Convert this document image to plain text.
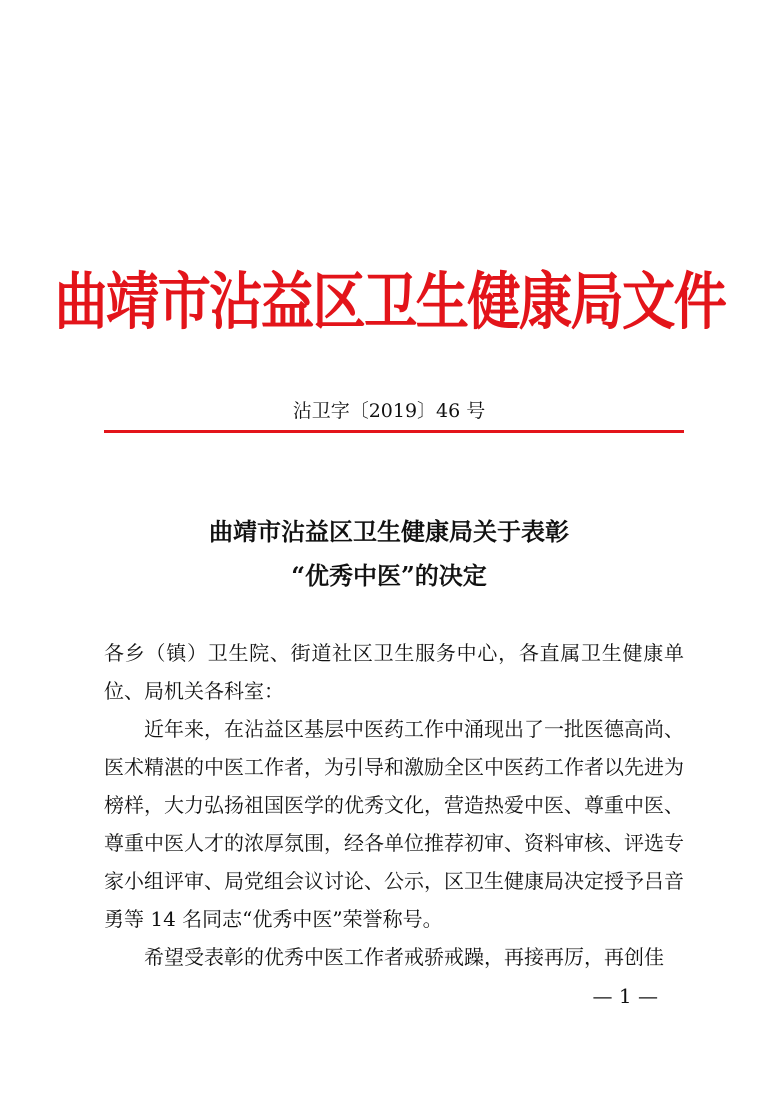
曲靖市沾益区卫生健康局文件
沾卫字〔2019〕46 号
曲靖市沾益区卫生健康局关于表彰
“优秀中医”的决定

各乡（镇）卫生院、街道社区卫生服务中心，各直属卫生健康单位、局机关各科室：

近年来，在沾益区基层中医药工作中涌现出了一批医德高尚、医术精湛的中医工作者，为引导和激励全区中医药工作者以先进为榜样，大力弘扬祖国医学的优秀文化，营造热爱中医、尊重中医、尊重中医人才的浓厚氛围，经各单位推荐初审、资料审核、评选专家小组评审、局党组会议讨论、公示，区卫生健康局决定授予吕音勇等 14 名同志“优秀中医”荣誉称号。

希望受表彰的优秀中医工作者戒骄戒躁，再接再厉，再创佳

— 1 —
